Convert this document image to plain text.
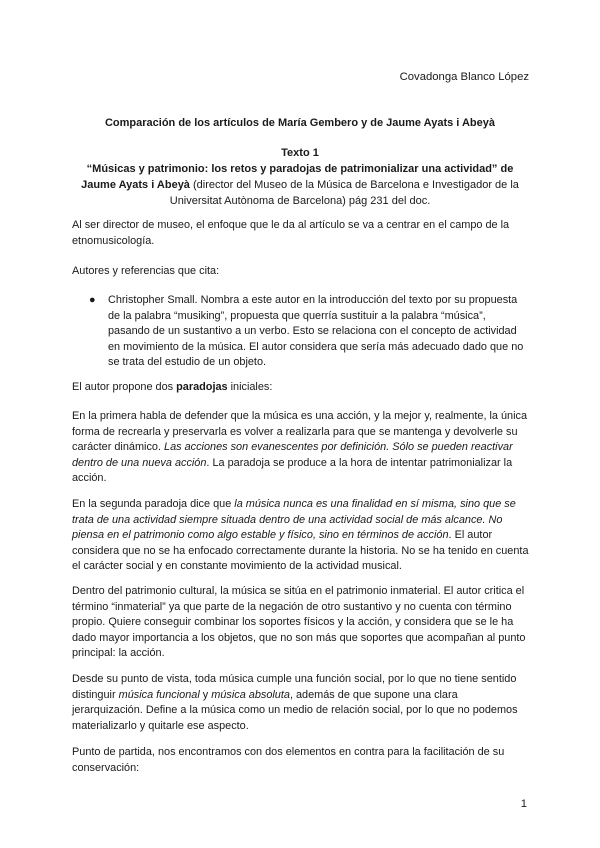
Covadonga Blanco López
Comparación de los artículos de María Gembero y de Jaume Ayats i Abeyà
Texto 1
“Músicas y patrimonio: los retos y paradojas de patrimonializar una actividad” de
Jaume Ayats i Abeyà (director del Museo de la Música de Barcelona e Investigador de la
Universitat Autònoma de Barcelona) pág 231 del doc.
Al ser director de museo, el enfoque que le da al artículo se va a centrar en el campo de la etnomusicología.
Autores y referencias que cita:
● Christopher Small. Nombra a este autor en la introducción del texto por su propuesta de la palabra “musiking”, propuesta que querría sustituir a la palabra “música”, pasando de un sustantivo a un verbo. Esto se relaciona con el concepto de actividad en movimiento de la música. El autor considera que sería más adecuado dado que no se trata del estudio de un objeto.
El autor propone dos paradojas iniciales:
En la primera habla de defender que la música es una acción, y la mejor y, realmente, la única forma de recrearla y preservarla es volver a realizarla para que se mantenga y devolverle su carácter dinámico. Las acciones son evanescentes por definición. Sólo se pueden reactivar dentro de una nueva acción. La paradoja se produce a la hora de intentar patrimonializar la acción.
En la segunda paradoja dice que la música nunca es una finalidad en sí misma, sino que se trata de una actividad siempre situada dentro de una actividad social de más alcance. No piensa en el patrimonio como algo estable y físico, sino en términos de acción. El autor considera que no se ha enfocado correctamente durante la historia. No se ha tenido en cuenta el carácter social y en constante movimiento de la actividad musical.
Dentro del patrimonio cultural, la música se sitúa en el patrimonio inmaterial. El autor critica el término “inmaterial” ya que parte de la negación de otro sustantivo y no cuenta con término propio. Quiere conseguir combinar los soportes físicos y la acción, y considera que se le ha dado mayor importancia a los objetos, que no son más que soportes que acompañan al punto principal: la acción.
Desde su punto de vista, toda música cumple una función social, por lo que no tiene sentido distinguir música funcional y música absoluta, además de que supone una clara jerarquización. Define a la música como un medio de relación social, por lo que no podemos materializarlo y quitarle ese aspecto.
Punto de partida, nos encontramos con dos elementos en contra para la facilitación de su conservación:
1
